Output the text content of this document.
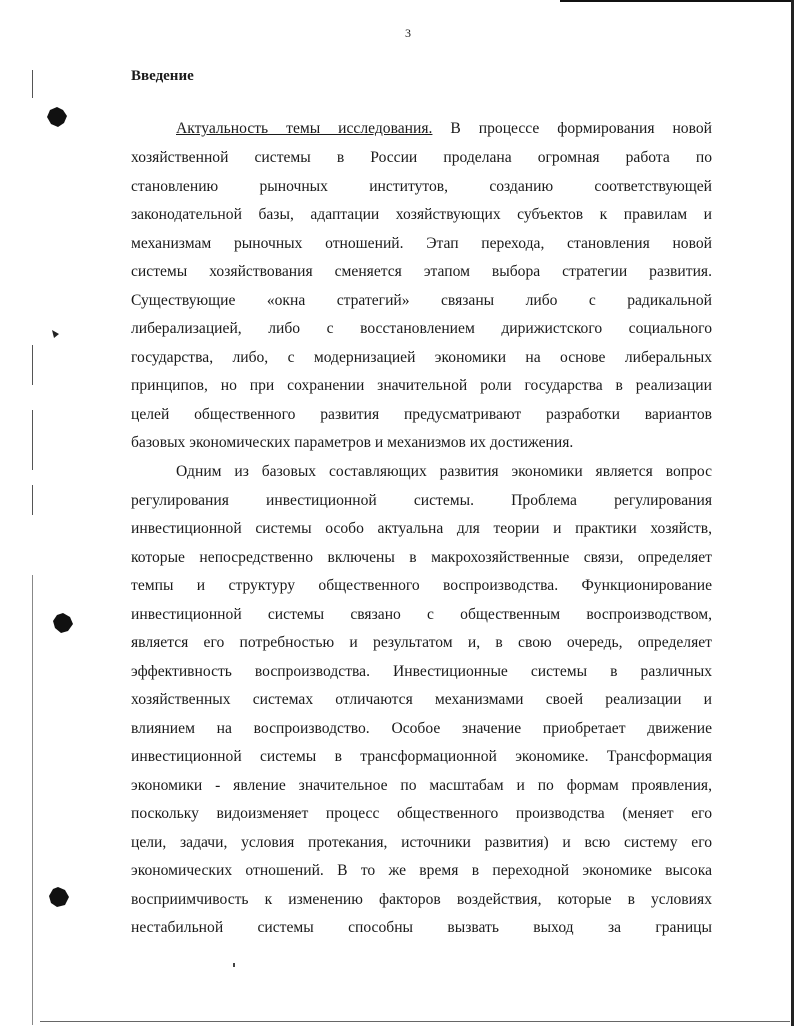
3
Введение
Актуальность темы исследования. В процессе формирования новой
хозяйственной системы в России проделана огромная работа по
становлению рыночных институтов, созданию соответствующей
законодательной базы, адаптации хозяйствующих субъектов к правилам и
механизмам рыночных отношений. Этап перехода, становления новой
системы хозяйствования сменяется этапом выбора стратегии развития.
Существующие «окна стратегий» связаны либо с радикальной
либерализацией, либо с восстановлением дирижистского социального
государства, либо, с модернизацией экономики на основе либеральных
принципов, но при сохранении значительной роли государства в реализации
целей общественного развития предусматривают разработки вариантов
базовых экономических параметров и механизмов их достижения.
Одним из базовых составляющих развития экономики является вопрос
регулирования инвестиционной системы. Проблема регулирования
инвестиционной системы особо актуальна для теории и практики хозяйств,
которые непосредственно включены в макрохозяйственные связи, определяет
темпы и структуру общественного воспроизводства. Функционирование
инвестиционной системы связано с общественным воспроизводством,
является его потребностью и результатом и, в свою очередь, определяет
эффективность воспроизводства. Инвестиционные системы в различных
хозяйственных системах отличаются механизмами своей реализации и
влиянием на воспроизводство. Особое значение приобретает движение
инвестиционной системы в трансформационной экономике. Трансформация
экономики - явление значительное по масштабам и по формам проявления,
поскольку видоизменяет процесс общественного производства (меняет его
цели, задачи, условия протекания, источники развития) и всю систему его
экономических отношений. В то же время в переходной экономике высока
восприимчивость к изменению факторов воздействия, которые в условиях
нестабильной системы способны вызвать выход за границы
